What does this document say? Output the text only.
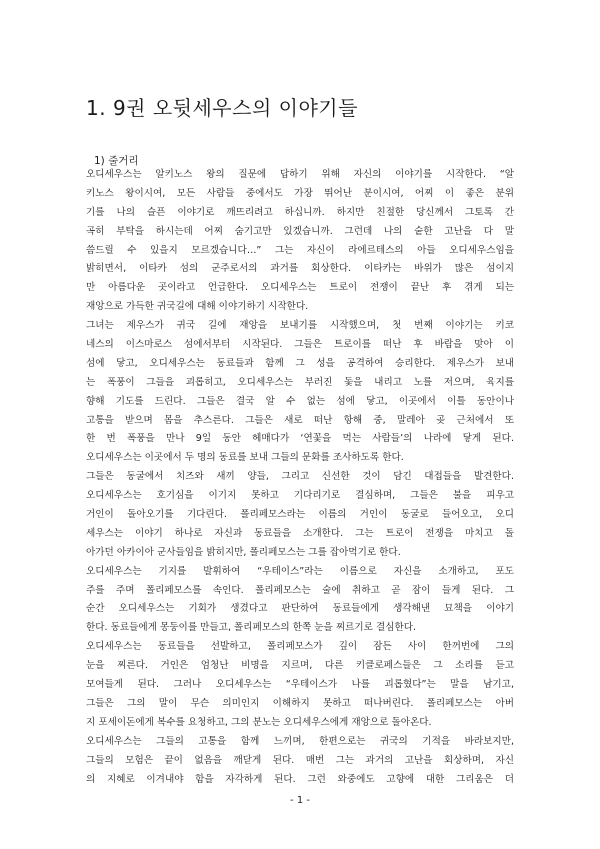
1. 9권 오뒷세우스의 이야기들

1) 줄거리

오디세우스는 알키노스 왕의 질문에 답하기 위해 자신의 이야기를 시작한다. “알
키노스 왕이시여, 모든 사람들 중에서도 가장 뛰어난 분이시여, 어찌 이 좋은 분위
기를 나의 슬픈 이야기로 깨뜨리려고 하십니까. 하지만 친절한 당신께서 그토록 간
곡히 부탁을 하시는데 어찌 숨기고만 있겠습니까. 그런데 나의 숱한 고난을 다 말
씀드릴 수 있을지 모르겠습니다…” 그는 자신이 라에르테스의 아들 오디세우스임을
밝히면서, 이타카 섬의 군주로서의 과거를 회상한다. 이타카는 바위가 많은 섬이지
만 아름다운 곳이라고 언급한다. 오디세우스는 트로이 전쟁이 끝난 후 겪게 되는
재앙으로 가득한 귀국길에 대해 이야기하기 시작한다.
그녀는 제우스가 귀국 길에 재앙을 보내기를 시작했으며, 첫 번째 이야기는 키코
네스의 이스마로스 섬에서부터 시작된다. 그들은 트로이를 떠난 후 바람을 맞아 이
섬에 닿고, 오디세우스는 동료들과 함께 그 성을 공격하여 승리한다. 제우스가 보내
는 폭풍이 그들을 괴롭히고, 오디세우스는 부러진 돛을 내리고 노를 저으며, 육지를
향해 기도를 드린다. 그들은 결국 알 수 없는 섬에 닿고, 이곳에서 이틀 동안이나
고통을 받으며 몸을 추스른다. 그들은 새로 떠난 항해 중, 말레아 곶 근처에서 또
한 번 폭풍을 만나 9일 동안 헤매다가 ‘연꽃을 먹는 사람들’의 나라에 닿게 된다.
오디세우스는 이곳에서 두 명의 동료를 보내 그들의 문화를 조사하도록 한다.
그들은 동굴에서 치즈와 새끼 양들, 그리고 신선한 것이 담긴 대접들을 발견한다.
오디세우스는 호기심을 이기지 못하고 기다리기로 결심하며, 그들은 불을 피우고
거인이 돌아오기를 기다린다. 폴리페모스라는 이름의 거인이 동굴로 들어오고, 오디
세우스는 이야기 하나로 자신과 동료들을 소개한다. 그는 트로이 전쟁을 마치고 돌
아가던 아카이아 군사들임을 밝히지만, 폴리페모스는 그를 잡아먹기로 한다.
오디세우스는 기지를 발휘하여 “우테이스”라는 이름으로 자신을 소개하고, 포도
주를 주며 폴리페모스를 속인다. 폴리페모스는 술에 취하고 곧 잠이 들게 된다. 그
순간 오디세우스는 기회가 생겼다고 판단하여 동료들에게 생각해낸 묘책을 이야기
한다. 동료들에게 몽둥이를 만들고, 폴리페모스의 한쪽 눈을 찌르기로 결심한다.
오디세우스는 동료들을 선발하고, 폴리페모스가 깊이 잠든 사이 한꺼번에 그의
눈을 찌른다. 거인은 엄청난 비명을 지르며, 다른 키클로페스들은 그 소리를 듣고
모여들게 된다. 그러나 오디세우스는 “우테이스가 나를 괴롭혔다”는 말을 남기고,
그들은 그의 말이 무슨 의미인지 이해하지 못하고 떠나버린다. 폴리페모스는 아버
지 포세이돈에게 복수를 요청하고, 그의 분노는 오디세우스에게 재앙으로 돌아온다.
오디세우스는 그들의 고통을 함께 느끼며, 한편으로는 귀국의 기적을 바라보지만,
그들의 모험은 끝이 없음을 깨닫게 된다. 매번 그는 과거의 고난을 회상하며, 자신
의 지혜로 이겨내야 함을 자각하게 된다. 그런 와중에도 고향에 대한 그리움은 더

- 1 -
